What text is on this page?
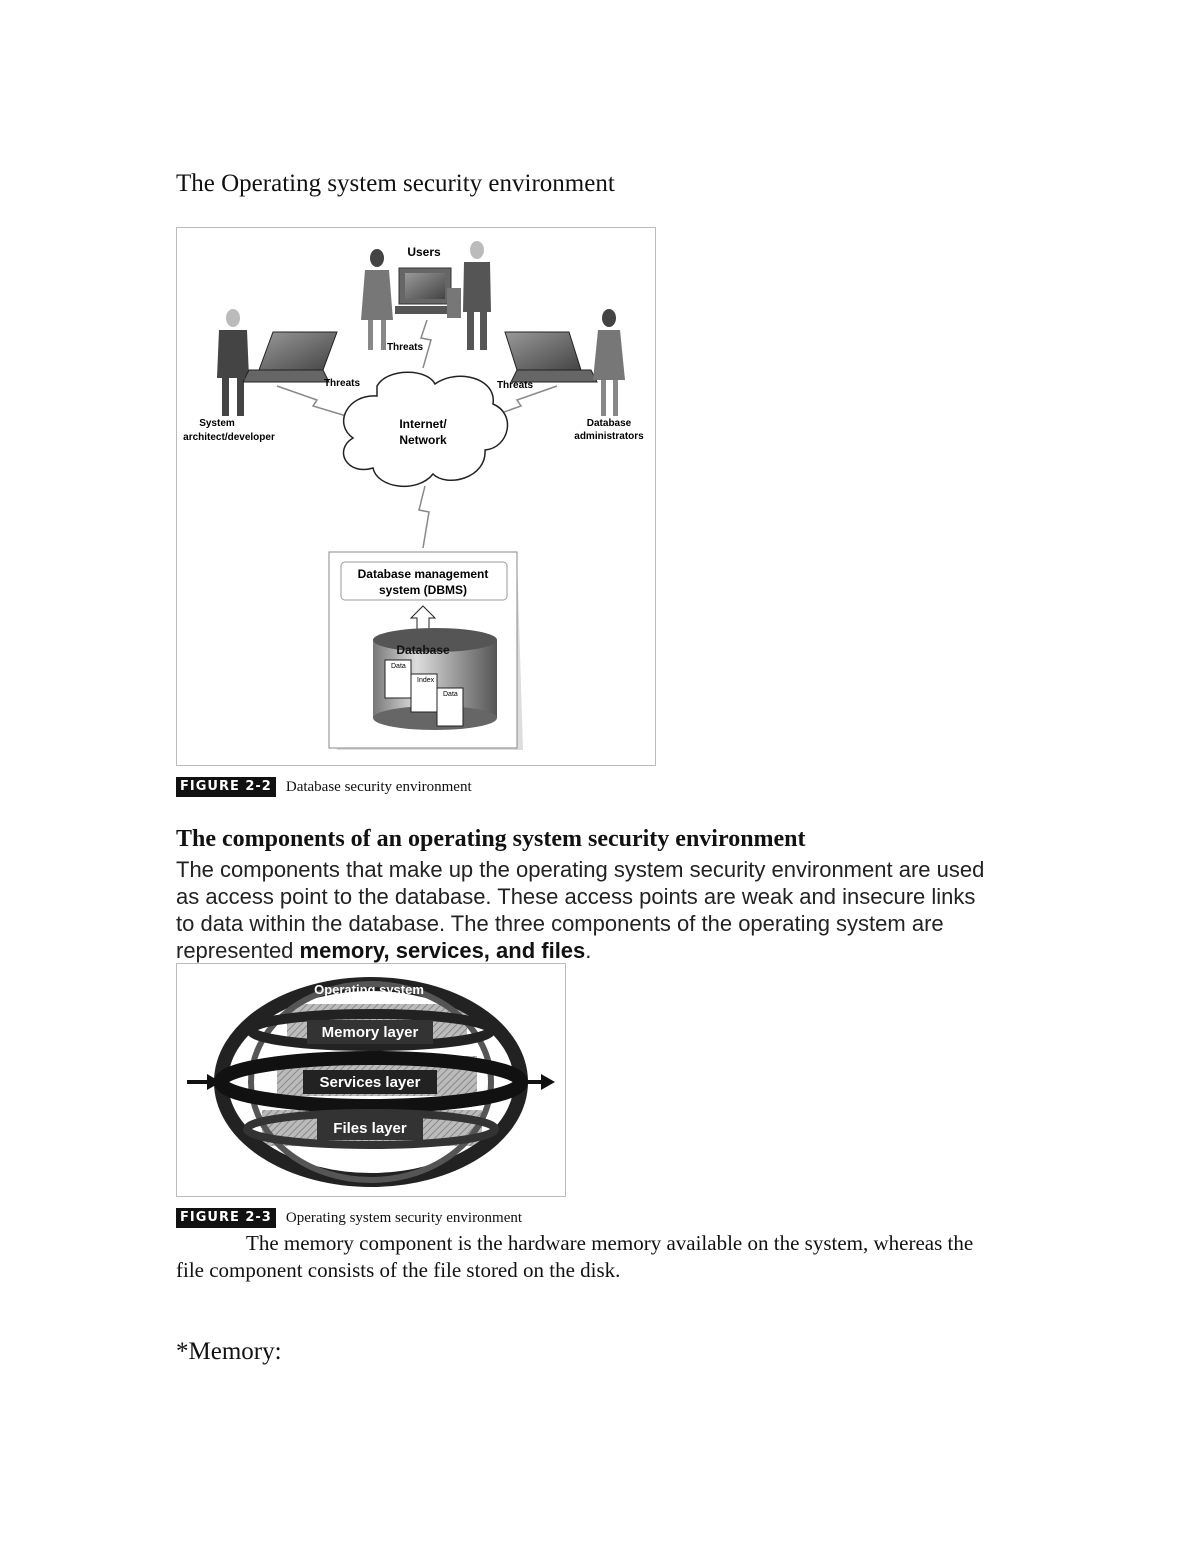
The Operating system security environment
Users
System
architect/developer
Database
administrators
Threats
Threats	Threats
Internet/
Network
Database management
system (DBMS)
Database
Data
Index
Data
FIGURE 2-2 Database security environment
The components of an operating system security environment
The components that make up the operating system security environment are used as access point to the database. These access points are weak and insecure links to data within the database. The three components of the operating system are represented memory, services, and files.
Operating system
Memory layer
Services layer
Files layer
FIGURE 2-3 Operating system security environment
The memory component is the hardware memory available on the system, whereas the file component consists of the file stored on the disk.
*Memory:
